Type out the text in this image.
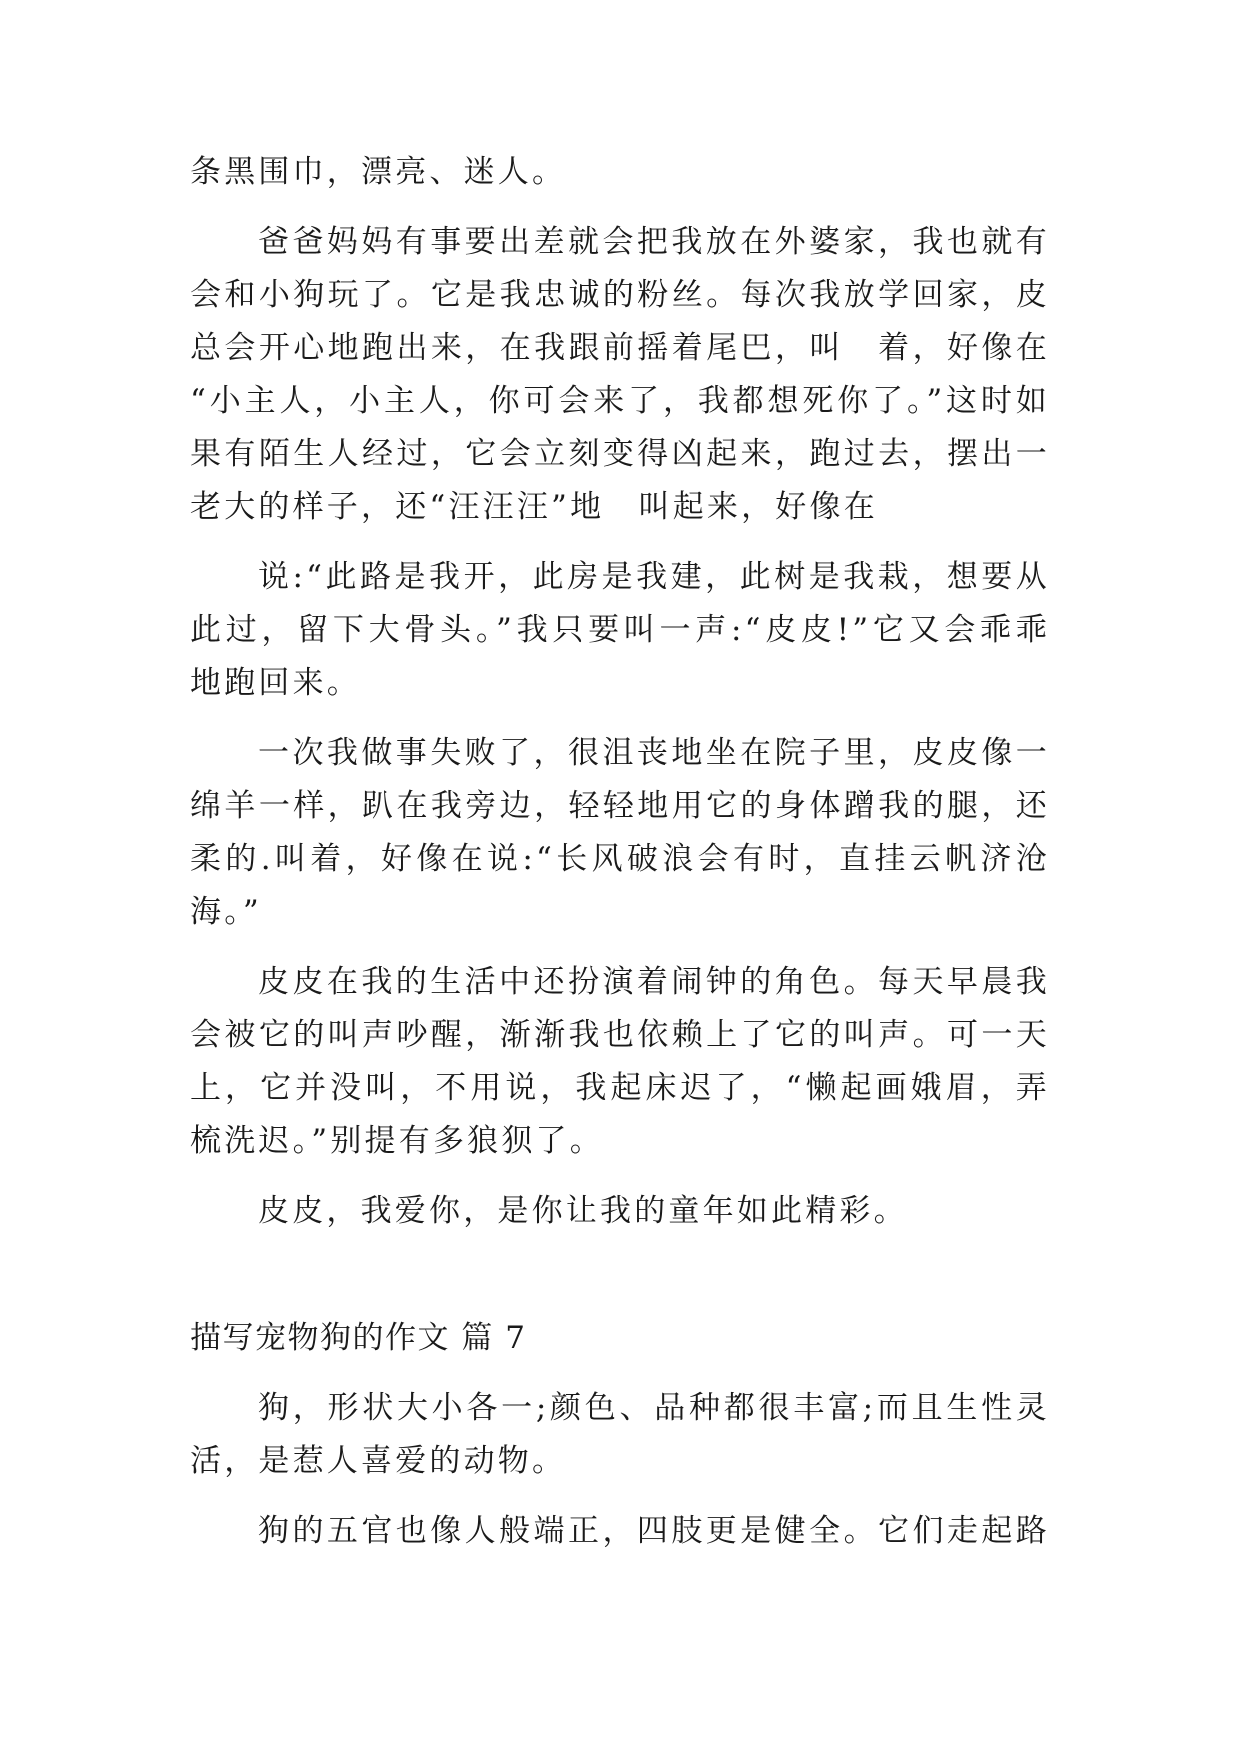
条黑围巾，漂亮、迷人。
爸爸妈妈有事要出差就会把我放在外婆家，我也就有
会和小狗玩了。它是我忠诚的粉丝。每次我放学回家，皮
总会开心地跑出来，在我跟前摇着尾巴，叫　着，好像在
“小主人，小主人，你可会来了，我都想死你了。”这时如
果有陌生人经过，它会立刻变得凶起来，跑过去，摆出一
老大的样子，还“汪汪汪”地　叫起来，好像在
说:“此路是我开，此房是我建，此树是我栽，想要从
此过，留下大骨头。”我只要叫一声:“皮皮!”它又会乖乖
地跑回来。
一次我做事失败了，很沮丧地坐在院子里，皮皮像一
绵羊一样，趴在我旁边，轻轻地用它的身体蹭我的腿，还
柔的.叫着，好像在说:“长风破浪会有时，直挂云帆济沧
海。”
皮皮在我的生活中还扮演着闹钟的角色。每天早晨我
会被它的叫声吵醒，渐渐我也依赖上了它的叫声。可一天
上，它并没叫，不用说，我起床迟了，“懒起画娥眉，弄
梳洗迟。”别提有多狼狈了。
皮皮，我爱你，是你让我的童年如此精彩。
描写宠物狗的作文 篇 7
狗，形状大小各一;颜色、品种都很丰富;而且生性灵
活，是惹人喜爱的动物。
狗的五官也像人般端正，四肢更是健全。它们走起路
